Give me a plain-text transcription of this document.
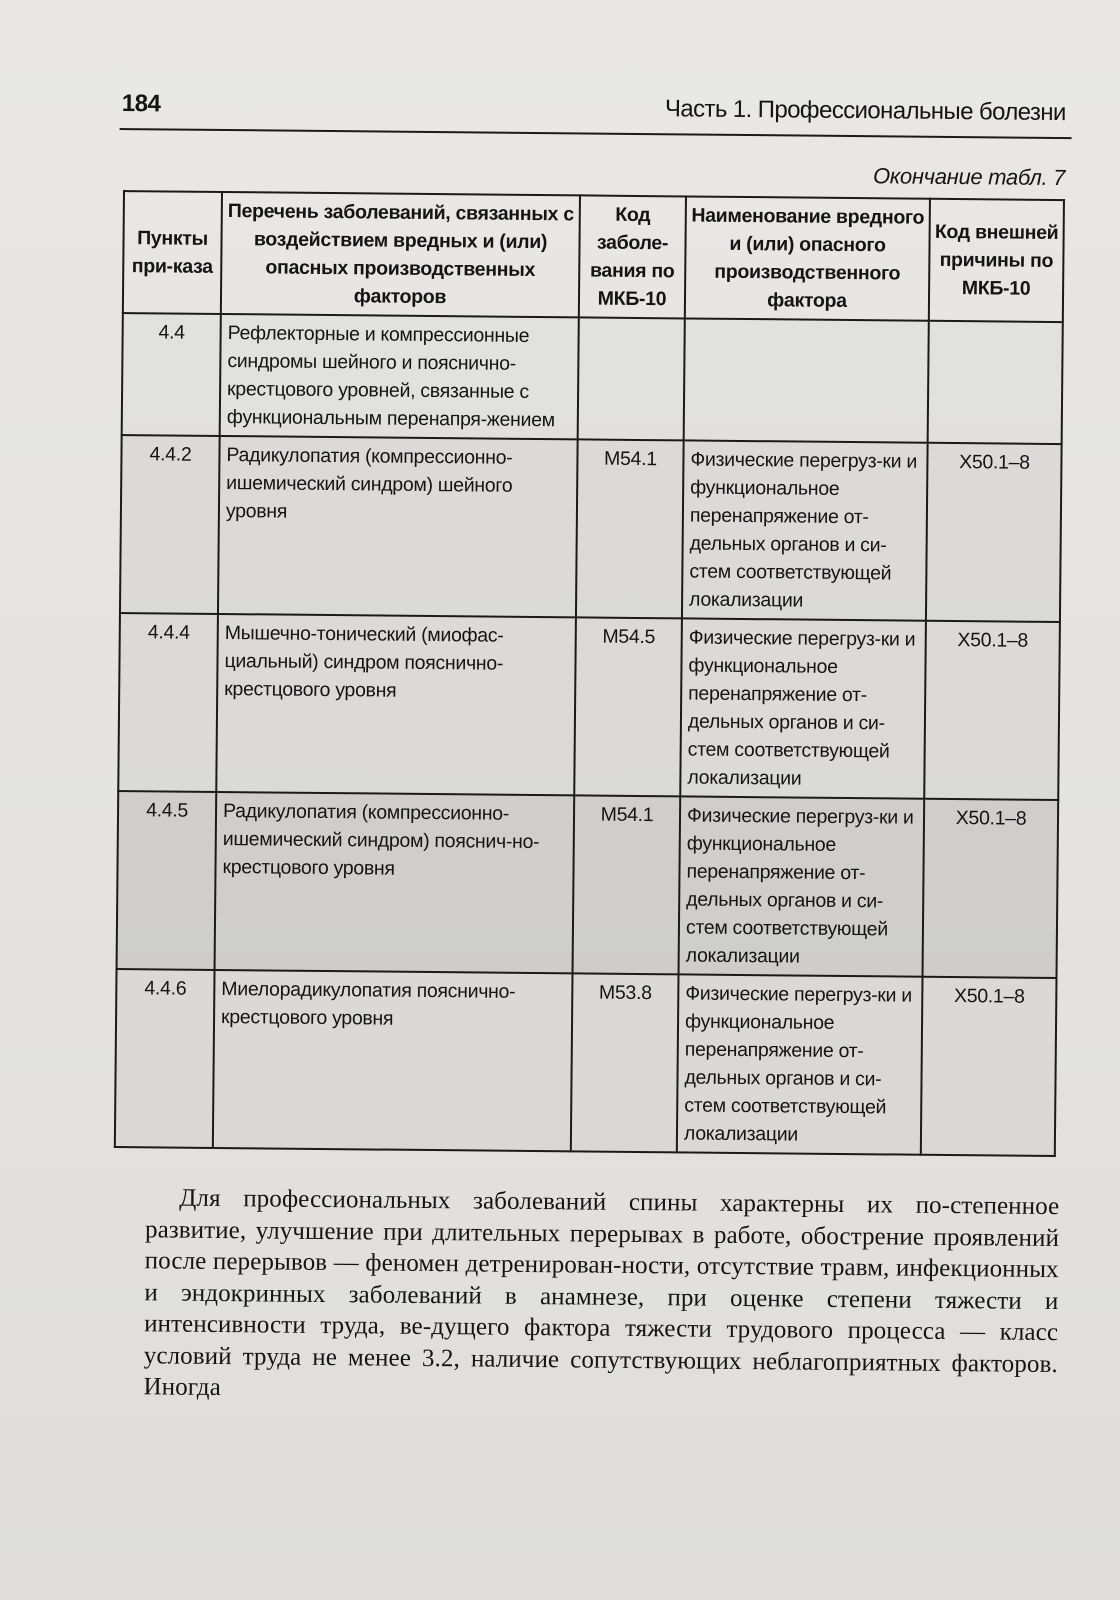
184	Часть 1. Профессиональные болезни
Окончание табл. 7
Пункты при-каза	Перечень заболеваний, связанных с воздействием вредных и (или) опасных производственных факторов	Код заболе-вания по МКБ-10	Наименование вредного и (или) опасного производственного фактора	Код внешней причины по МКБ-10
4.4	Рефлекторные и компрессионные синдромы шейного и пояснично-крестцового уровней, связанные с функциональным перенапря-жением			
4.4.2	Радикулопатия (компрессионно-ишемический синдром) шейного уровня	M54.1	Физические перегруз-ки и функциональное перенапряжение от-дельных органов и си-стем соответствующей локализации	X50.1–8
4.4.4	Мышечно-тонический (миофас-циальный) синдром пояснично-крестцового уровня	M54.5	Физические перегруз-ки и функциональное перенапряжение от-дельных органов и си-стем соответствующей локализации	X50.1–8
4.4.5	Радикулопатия (компрессионно-ишемический синдром) пояснич-но-крестцового уровня	M54.1	Физические перегруз-ки и функциональное перенапряжение от-дельных органов и си-стем соответствующей локализации	X50.1–8
4.4.6	Миелорадикулопатия пояснично-крестцового уровня	M53.8	Физические перегруз-ки и функциональное перенапряжение от-дельных органов и си-стем соответствующей локализации	X50.1–8

Для профессиональных заболеваний спины характерны их по-степенное развитие, улучшение при длительных перерывах в работе, обострение проявлений после перерывов — феномен детренирован-ности, отсутствие травм, инфекционных и эндокринных заболеваний в анамнезе, при оценке степени тяжести и интенсивности труда, ве-дущего фактора тяжести трудового процесса — класс условий труда не менее 3.2, наличие сопутствующих неблагоприятных факторов. Иногда
